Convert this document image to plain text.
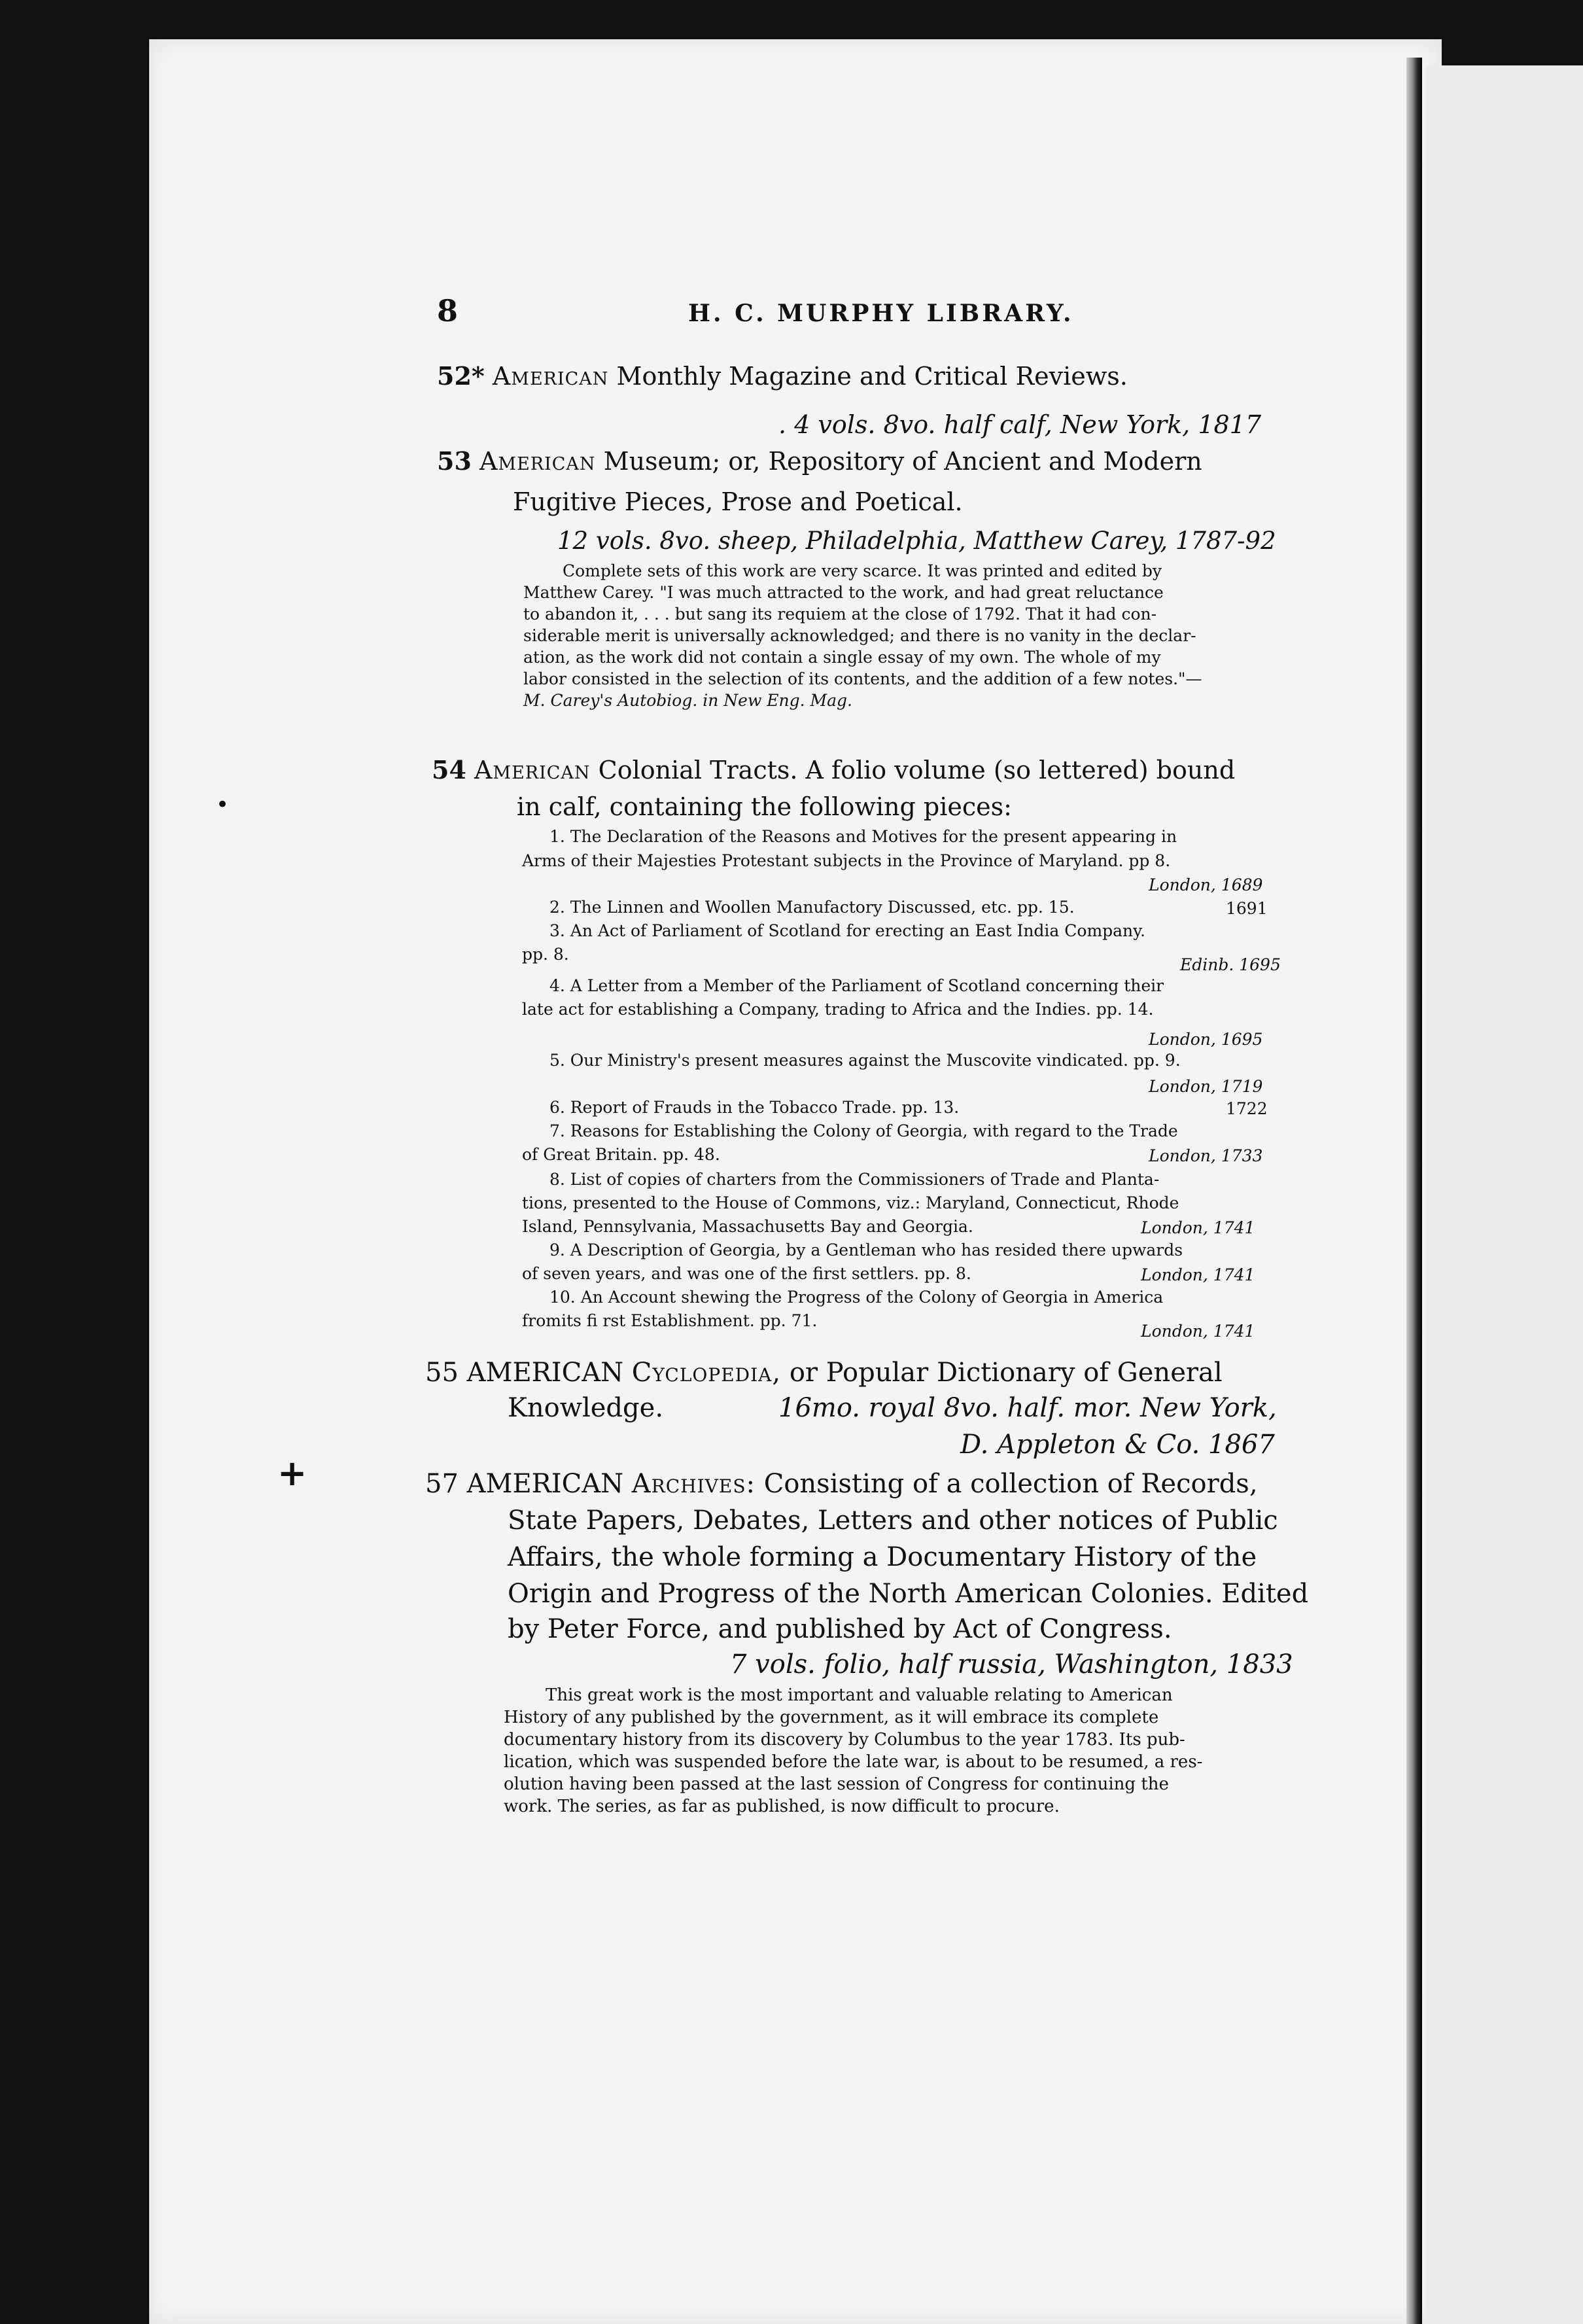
•
+
8	H. C. MURPHY LIBRARY.
52* American Monthly Magazine and Critical Reviews.
. 4 vols. 8vo. half calf, New York, 1817
53 American Museum; or, Repository of Ancient and Modern
Fugitive Pieces, Prose and Poetical.
12 vols. 8vo. sheep, Philadelphia, Matthew Carey, 1787-92
Complete sets of this work are very scarce. It was printed and edited by
Matthew Carey. "I was much attracted to the work, and had great reluctance
to abandon it, . . . but sang its requiem at the close of 1792. That it had con-
siderable merit is universally acknowledged; and there is no vanity in the declar-
ation, as the work did not contain a single essay of my own. The whole of my
labor consisted in the selection of its contents, and the addition of a few notes."—
M. Carey's Autobiog. in New Eng. Mag.
54 American Colonial Tracts. A folio volume (so lettered) bound
in calf, containing the following pieces:
1. The Declaration of the Reasons and Motives for the present appearing in
Arms of their Majesties Protestant subjects in the Province of Maryland. pp 8.
London, 1689
2. The Linnen and Woollen Manufactory Discussed, etc. pp. 15.	1691
3. An Act of Parliament of Scotland for erecting an East India Company.
pp. 8.
Edinb. 1695
4. A Letter from a Member of the Parliament of Scotland concerning their
late act for establishing a Company, trading to Africa and the Indies. pp. 14.
London, 1695
5. Our Ministry's present measures against the Muscovite vindicated. pp. 9.
London, 1719
6. Report of Frauds in the Tobacco Trade. pp. 13.	1722
7. Reasons for Establishing the Colony of Georgia, with regard to the Trade
of Great Britain. pp. 48.	London, 1733
8. List of copies of charters from the Commissioners of Trade and Planta-
tions, presented to the House of Commons, viz.: Maryland, Connecticut, Rhode
Island, Pennsylvania, Massachusetts Bay and Georgia.	London, 1741
9. A Description of Georgia, by a Gentleman who has resided there upwards
of seven years, and was one of the first settlers. pp. 8.	London, 1741
10. An Account shewing the Progress of the Colony of Georgia in America
fromits fi rst Establishment. pp. 71.
London, 1741
55 AMERICAN Cyclopedia, or Popular Dictionary of General
Knowledge.	16mo. royal 8vo. half. mor. New York,
D. Appleton & Co. 1867
57 AMERICAN Archives: Consisting of a collection of Records,
State Papers, Debates, Letters and other notices of Public
Affairs, the whole forming a Documentary History of the
Origin and Progress of the North American Colonies. Edited
by Peter Force, and published by Act of Congress.
7 vols. folio, half russia, Washington, 1833
This great work is the most important and valuable relating to American
History of any published by the government, as it will embrace its complete
documentary history from its discovery by Columbus to the year 1783. Its pub-
lication, which was suspended before the late war, is about to be resumed, a res-
olution having been passed at the last session of Congress for continuing the
work. The series, as far as published, is now difficult to procure.
